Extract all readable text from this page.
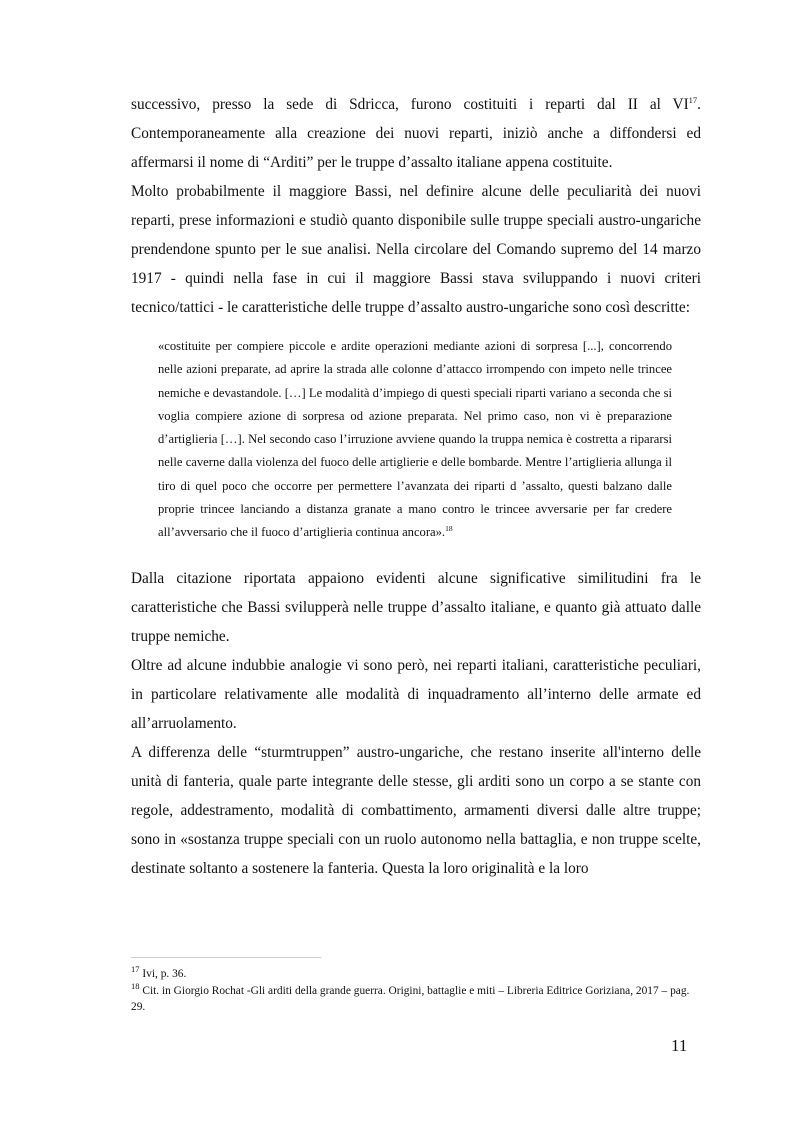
successivo, presso la sede di Sdricca, furono costituiti i reparti dal II al VI$^{17}$. Contemporaneamente alla creazione dei nuovi reparti, iniziò anche a diffondersi ed affermarsi il nome di “Arditi” per le truppe d’assalto italiane appena costituite.

Molto probabilmente il maggiore Bassi, nel definire alcune delle peculiarità dei nuovi reparti, prese informazioni e studiò quanto disponibile sulle truppe speciali austro-ungariche prendendone spunto per le sue analisi. Nella circolare del Comando supremo del 14 marzo 1917 - quindi nella fase in cui il maggiore Bassi stava sviluppando i nuovi criteri tecnico/tattici - le caratteristiche delle truppe d’assalto austro-ungariche sono così descritte:

«costituite per compiere piccole e ardite operazioni mediante azioni di sorpresa [...], concorrendo nelle azioni preparate, ad aprire la strada alle colonne d’attacco irrompendo con impeto nelle trincee nemiche e devastandole. […] Le modalità d’impiego di questi speciali riparti variano a seconda che si voglia compiere azione di sorpresa od azione preparata. Nel primo caso, non vi è preparazione d’artiglieria […]. Nel secondo caso l’irruzione avviene quando la truppa nemica è costretta a ripararsi nelle caverne dalla violenza del fuoco delle artiglierie e delle bombarde. Mentre l’artiglieria allunga il tiro di quel poco che occorre per permettere l’avanzata dei riparti d ’assalto, questi balzano dalle proprie trincee lanciando a distanza granate a mano contro le trincee avversarie per far credere all’avversario che il fuoco d’artiglieria continua ancora».$^{18}$

Dalla citazione riportata appaiono evidenti alcune significative similitudini fra le caratteristiche che Bassi svilupperà nelle truppe d’assalto italiane, e quanto già attuato dalle truppe nemiche.

Oltre ad alcune indubbie analogie vi sono però, nei reparti italiani, caratteristiche peculiari, in particolare relativamente alle modalità di inquadramento all’interno delle armate ed all’arruolamento.

A differenza delle “sturmtruppen” austro-ungariche, che restano inserite all'interno delle unità di fanteria, quale parte integrante delle stesse, gli arditi sono un corpo a se stante con regole, addestramento, modalità di combattimento, armamenti diversi dalle altre truppe; sono in «sostanza truppe speciali con un ruolo autonomo nella battaglia, e non truppe scelte, destinate soltanto a sostenere la fanteria. Questa la loro originalità e la loro

$^{17}$ Ivi, p. 36.

$^{18}$ Cit. in Giorgio Rochat -Gli arditi della grande guerra. Origini, battaglie e miti – Libreria Editrice Goriziana, 2017 – pag. 29.

11
